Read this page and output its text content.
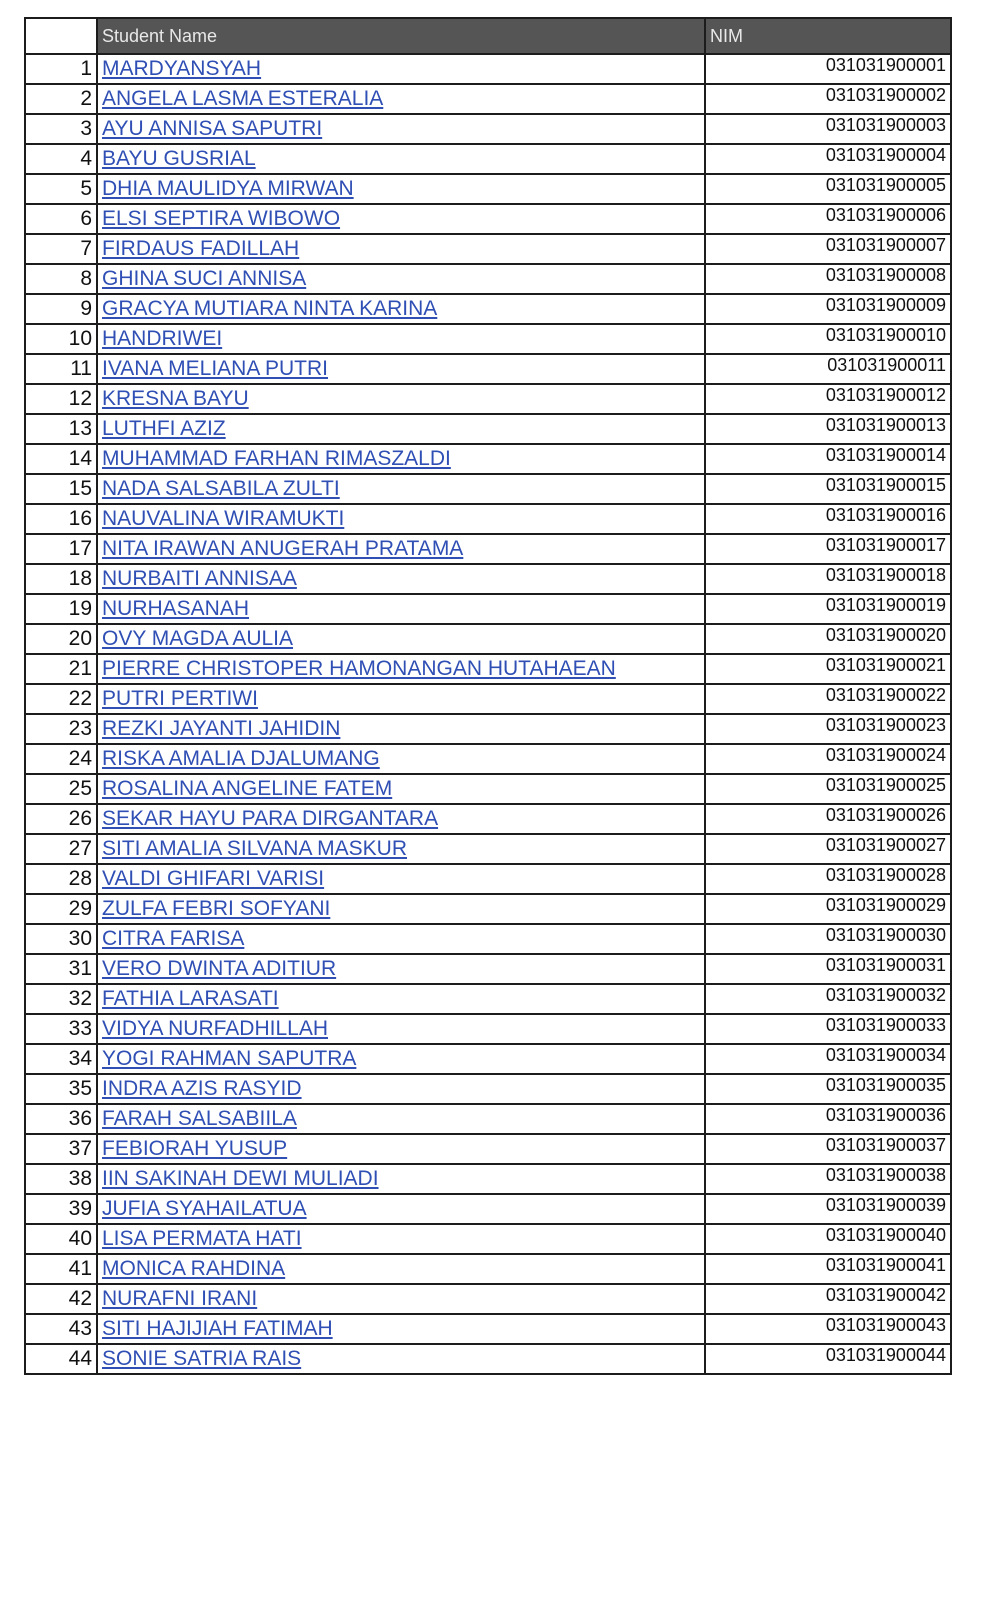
	Student Name	NIM
1	MARDYANSYAH	031031900001
2	ANGELA LASMA ESTERALIA	031031900002
3	AYU ANNISA SAPUTRI	031031900003
4	BAYU GUSRIAL	031031900004
5	DHIA MAULIDYA MIRWAN	031031900005
6	ELSI SEPTIRA WIBOWO	031031900006
7	FIRDAUS FADILLAH	031031900007
8	GHINA SUCI ANNISA	031031900008
9	GRACYA MUTIARA NINTA KARINA	031031900009
10	HANDRIWEI	031031900010
11	IVANA MELIANA PUTRI	031031900011
12	KRESNA BAYU	031031900012
13	LUTHFI AZIZ	031031900013
14	MUHAMMAD FARHAN RIMASZALDI	031031900014
15	NADA SALSABILA ZULTI	031031900015
16	NAUVALINA WIRAMUKTI	031031900016
17	NITA IRAWAN ANUGERAH PRATAMA	031031900017
18	NURBAITI ANNISAA	031031900018
19	NURHASANAH	031031900019
20	OVY MAGDA AULIA	031031900020
21	PIERRE CHRISTOPER HAMONANGAN HUTAHAEAN	031031900021
22	PUTRI PERTIWI	031031900022
23	REZKI JAYANTI JAHIDIN	031031900023
24	RISKA AMALIA DJALUMANG	031031900024
25	ROSALINA ANGELINE FATEM	031031900025
26	SEKAR HAYU PARA DIRGANTARA	031031900026
27	SITI AMALIA SILVANA MASKUR	031031900027
28	VALDI GHIFARI VARISI	031031900028
29	ZULFA FEBRI SOFYANI	031031900029
30	CITRA FARISA	031031900030
31	VERO DWINTA ADITIUR	031031900031
32	FATHIA LARASATI	031031900032
33	VIDYA NURFADHILLAH	031031900033
34	YOGI RAHMAN SAPUTRA	031031900034
35	INDRA AZIS RASYID	031031900035
36	FARAH SALSABIILA	031031900036
37	FEBIORAH YUSUP	031031900037
38	IIN SAKINAH DEWI MULIADI	031031900038
39	JUFIA SYAHAILATUA	031031900039
40	LISA PERMATA HATI	031031900040
41	MONICA RAHDINA	031031900041
42	NURAFNI IRANI	031031900042
43	SITI HAJIJIAH FATIMAH	031031900043
44	SONIE SATRIA RAIS	031031900044
